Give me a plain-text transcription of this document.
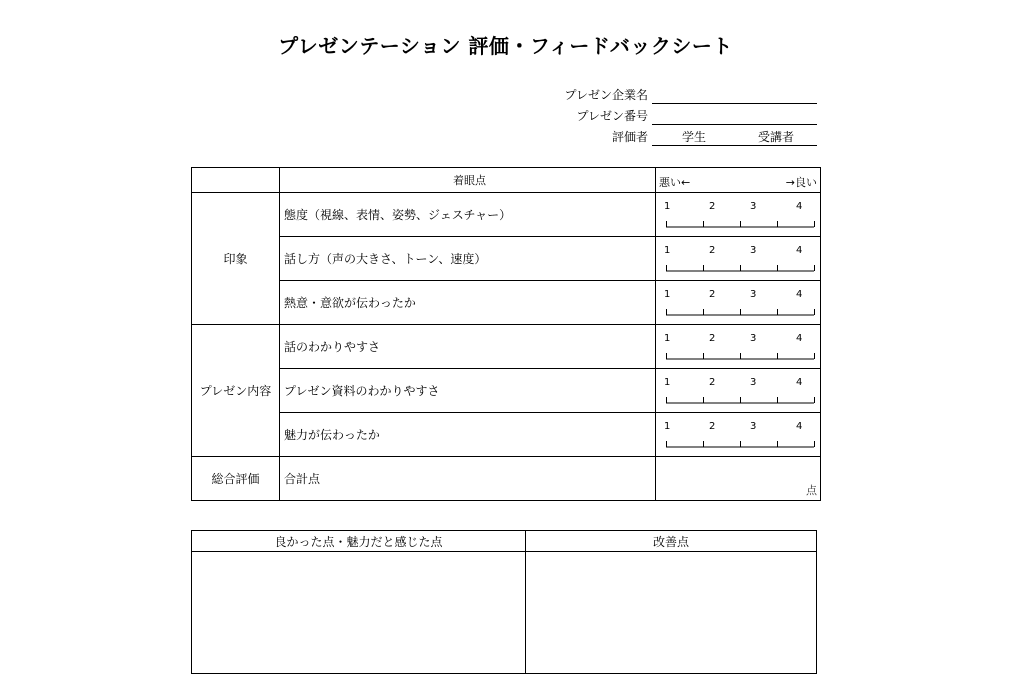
プレゼンテーション 評価・フィードバックシート
プレゼン企業名
プレゼン番号
評価者	学生	受講者
	着眼点	悪い← →良い

印象	態度（視線、表情、姿勢、ジェスチャー）	1 2 3 4

	話し方（声の大きさ、トーン、速度）	1 2 3 4

	熱意・意欲が伝わったか	1 2 3 4

プレゼン内容	話のわかりやすさ	1 2 3 4

	プレゼン資料のわかりやすさ	1 2 3 4

	魅力が伝わったか	1 2 3 4

総合評価	合計点	点
良かった点・魅力だと感じた点	改善点
